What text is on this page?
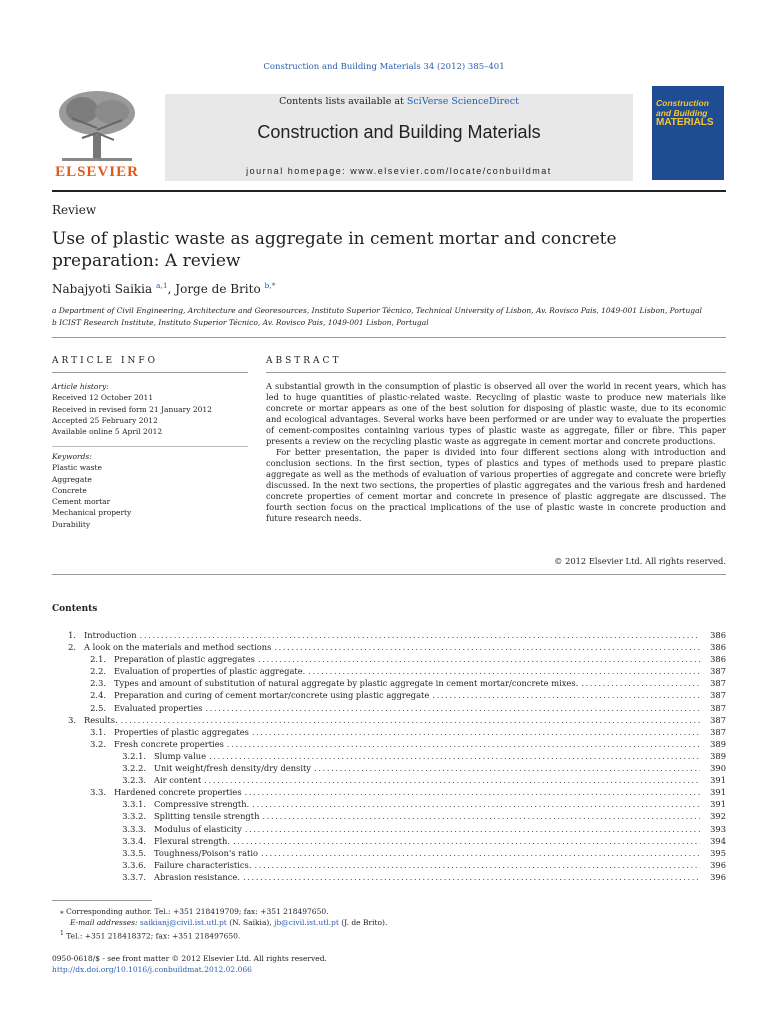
Construction and Building Materials 34 (2012) 385–401
ELSEVIER
Contents lists available at SciVerse ScienceDirect
Construction and Building Materials
journal homepage: www.elsevier.com/locate/conbuildmat
Construction
and Building
MATERIALS
Review
Use of plastic waste as aggregate in cement mortar and concrete
preparation: A review
Nabajyoti Saikia $^{a,1}$, Jorge de Brito $^{b,*}$
a Department of Civil Engineering, Architecture and Georesources, Instituto Superior Técnico, Technical University of Lisbon, Av. Rovisco Pais, 1049-001 Lisbon, Portugal
b ICIST Research Institute, Instituto Superior Técnico, Av. Rovisco Pais, 1049-001 Lisbon, Portugal
ARTICLE INFO
Article history:
Received 12 October 2011
Received in revised form 21 January 2012
Accepted 25 February 2012
Available online 5 April 2012
Keywords:
Plastic waste
Aggregate
Concrete
Cement mortar
Mechanical property
Durability
ABSTRACT

A substantial growth in the consumption of plastic is observed all over the world in recent years, which has led to huge quantities of plastic-related waste. Recycling of plastic waste to produce new materials like concrete or mortar appears as one of the best solution for disposing of plastic waste, due to its economic and ecological advantages. Several works have been performed or are under way to evaluate the properties of cement-composites containing various types of plastic waste as aggregate, filler or fibre. This paper presents a review on the recycling plastic waste as aggregate in cement mortar and concrete productions.

For better presentation, the paper is divided into four different sections along with introduction and conclusion sections. In the first section, types of plastics and types of methods used to prepare plastic aggregate as well as the methods of evaluation of various properties of aggregate and concrete were briefly discussed. In the next two sections, the properties of plastic aggregates and the various fresh and hardened concrete properties of cement mortar and concrete in presence of plastic aggregate are discussed. The fourth section focus on the practical implications of the use of plastic waste in concrete production and future research needs.

© 2012 Elsevier Ltd. All rights reserved.
Contents
1. Introduction . . .	386
2. A look on the materials and method sections . . .	386
2.1. Preparation of plastic aggregates . . .	386
2.2. Evaluation of properties of plastic aggregate. . . .	387
2.3. Types and amount of substitution of natural aggregate by plastic aggregate in cement mortar/concrete mixes. . . .	387
2.4. Preparation and curing of cement mortar/concrete using plastic aggregate . . .	387
2.5. Evaluated properties . . .	387
3. Results. . . .	387
3.1. Properties of plastic aggregates . . .	387
3.2. Fresh concrete properties . . .	389
3.2.1. Slump value . . .	389
3.2.2. Unit weight/fresh density/dry density . . .	390
3.2.3. Air content . . .	391
3.3. Hardened concrete properties . . .	391
3.3.1. Compressive strength. . . .	391
3.3.2. Splitting tensile strength . . .	392
3.3.3. Modulus of elasticity . . .	393
3.3.4. Flexural strength. . . .	394
3.3.5. Toughness/Poison's ratio . . .	395
3.3.6. Failure characteristics. . . .	396
3.3.7. Abrasion resistance. . . .	396
⁎ Corresponding author. Tel.: +351 218419709; fax: +351 218497650.
E-mail addresses: saikianj@civil.ist.utl.pt (N. Saikia), jb@civil.ist.utl.pt (J. de Brito).
$^1$ Tel.: +351 218418372; fax: +351 218497650.
0950-0618/$ - see front matter © 2012 Elsevier Ltd. All rights reserved.
http://dx.doi.org/10.1016/j.conbuildmat.2012.02.066
